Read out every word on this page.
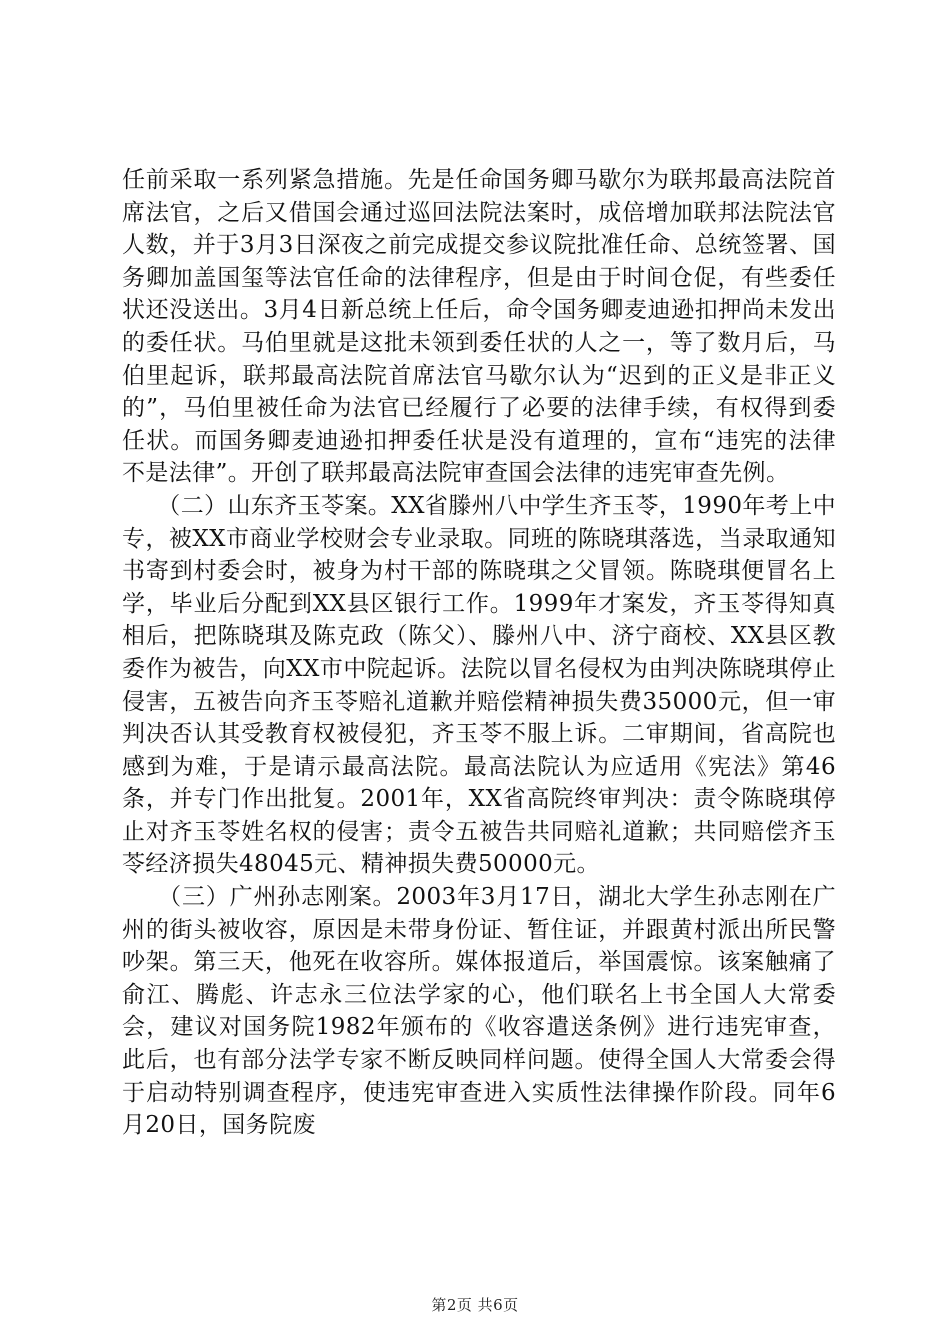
任前采取一系列紧急措施。先是任命国务卿马歇尔为联邦最高法院首席法官，之后又借国会通过巡回法院法案时，成倍增加联邦法院法官人数，并于3月3日深夜之前完成提交参议院批准任命、总统签署、国务卿加盖国玺等法官任命的法律程序，但是由于时间仓促，有些委任状还没送出。3月4日新总统上任后，命令国务卿麦迪逊扣押尚未发出的委任状。马伯里就是这批未领到委任状的人之一，等了数月后，马伯里起诉，联邦最高法院首席法官马歇尔认为“迟到的正义是非正义的”，马伯里被任命为法官已经履行了必要的法律手续，有权得到委任状。而国务卿麦迪逊扣押委任状是没有道理的，宣布“违宪的法律不是法律”。开创了联邦最高法院审查国会法律的违宪审查先例。

　　（二）山东齐玉苓案。XX省滕州八中学生齐玉苓，1990年考上中专，被XX市商业学校财会专业录取。同班的陈晓琪落选，当录取通知书寄到村委会时，被身为村干部的陈晓琪之父冒领。陈晓琪便冒名上学，毕业后分配到XX县区银行工作。1999年才案发，齐玉苓得知真相后，把陈晓琪及陈克政（陈父）、滕州八中、济宁商校、XX县区教委作为被告，向XX市中院起诉。法院以冒名侵权为由判决陈晓琪停止侵害，五被告向齐玉苓赔礼道歉并赔偿精神损失费35000元，但一审判决否认其受教育权被侵犯，齐玉苓不服上诉。二审期间，省高院也感到为难，于是请示最高法院。最高法院认为应适用《宪法》第46条，并专门作出批复。2001年，XX省高院终审判决：责令陈晓琪停止对齐玉苓姓名权的侵害；责令五被告共同赔礼道歉；共同赔偿齐玉苓经济损失48045元、精神损失费50000元。

　　（三）广州孙志刚案。2003年3月17日，湖北大学生孙志刚在广州的街头被收容，原因是未带身份证、暂住证，并跟黄村派出所民警吵架。第三天，他死在收容所。媒体报道后，举国震惊。该案触痛了俞江、腾彪、许志永三位法学家的心，他们联名上书全国人大常委会，建议对国务院1982年颁布的《收容遣送条例》进行违宪审查，此后，也有部分法学专家不断反映同样问题。使得全国人大常委会得于启动特别调查程序，使违宪审查进入实质性法律操作阶段。同年6月20日，国务院废

第2页 共6页
